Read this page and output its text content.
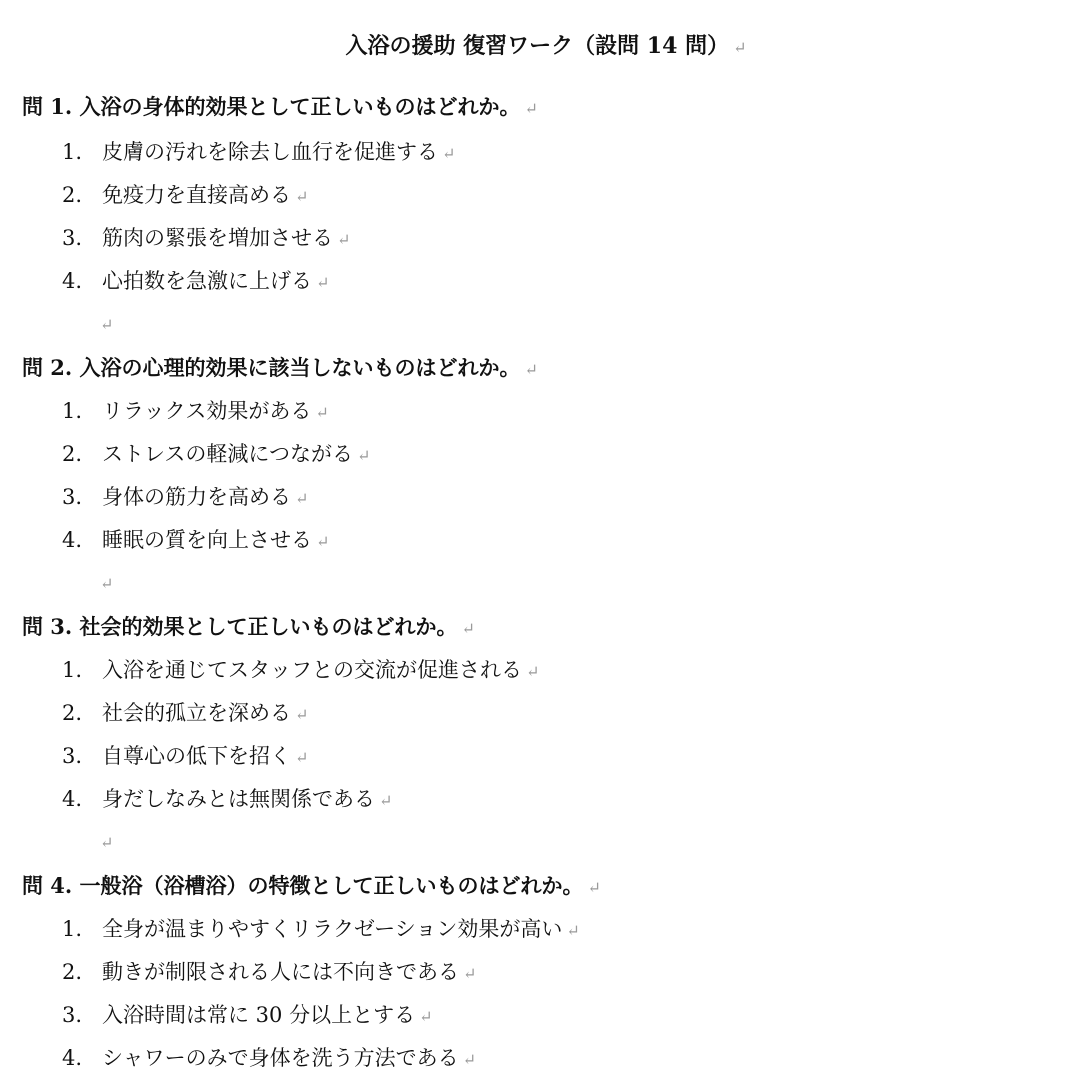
入浴の援助 復習ワーク（設問 14 問） ↵
問 1. 入浴の身体的効果として正しいものはどれか。 ↵
1. 皮膚の汚れを除去し血行を促進する ↵
2. 免疫力を直接高める ↵
3. 筋肉の緊張を増加させる ↵
4. 心拍数を急激に上げる ↵
↵
問 2. 入浴の心理的効果に該当しないものはどれか。 ↵
1. リラックス効果がある ↵
2. ストレスの軽減につながる ↵
3. 身体の筋力を高める ↵
4. 睡眠の質を向上させる ↵
↵
問 3. 社会的効果として正しいものはどれか。 ↵
1. 入浴を通じてスタッフとの交流が促進される ↵
2. 社会的孤立を深める ↵
3. 自尊心の低下を招く ↵
4. 身だしなみとは無関係である ↵
↵
問 4. 一般浴（浴槽浴）の特徴として正しいものはどれか。 ↵
1. 全身が温まりやすくリラクゼーション効果が高い ↵
2. 動きが制限される人には不向きである ↵
3. 入浴時間は常に 30 分以上とする ↵
4. シャワーのみで身体を洗う方法である ↵
